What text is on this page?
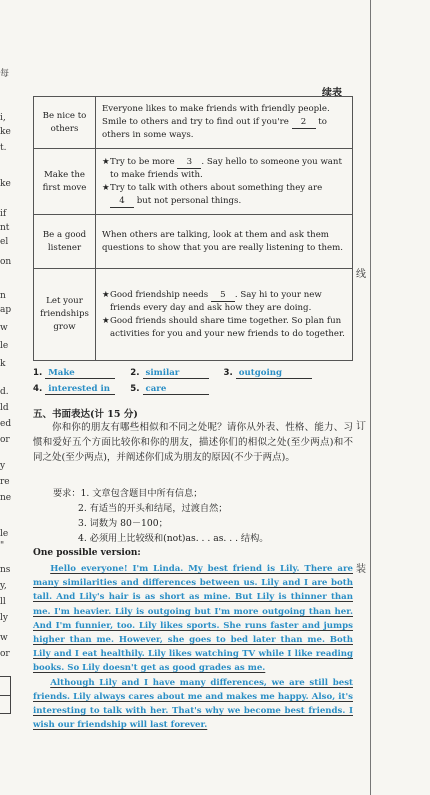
每
i,
ke
t.
ke
if
nt
el
on
n
ap
w
le
k
d.
ld
ed
or
y
re
ne
le
"
ns
y,
ll
ly
w
or
线
订
装
续表
Be nice to others	Everyone likes to make friends with friendly people. Smile to others and try to find out if you're 2 to others in some ways.
Make the first move	★ Try to be more 3 . Say hello to someone you want to make friends with.
★ Try to talk with others about something they are 4 but not personal things.

Be a good listener	When others are talking, look at them and ask them questions to show that you are really listening to them.
Let your friendships grow	★ Good friendship needs 5 . Say hi to your new friends every day and ask how they are doing.
★ Good friends should share time together. So plan fun activities for you and your new friends to do together.
1. Make	2. similar	3. outgoing
4. interested in 5. care
五、书面表达(计 15 分)
你和你的朋友有哪些相似和不同之处呢？请你从外表、性格、能力、习惯和爱好五个方面比较你和你的朋友，描述你们的相似之处(至少两点)和不同之处(至少两点)，并阐述你们成为朋友的原因(不少于两点)。
要求：1. 文章包含题目中所有信息；
2. 有适当的开头和结尾，过渡自然；
3. 词数为 80－100；
4. 必须用上比较级和(not)as. . . as. . . 结构。
One possible version:

Hello everyone! I'm Linda. My best friend is Lily. There are many similarities and differences between us. Lily and I are both tall. And Lily's hair is as short as mine. But Lily is thinner than me. I'm heavier. Lily is outgoing but I'm more outgoing than her. And I'm funnier, too. Lily likes sports. She runs faster and jumps higher than me. However, she goes to bed later than me. Both Lily and I eat healthily. Lily likes watching TV while I like reading books. So Lily doesn't get as good grades as me.

Although Lily and I have many differences, we are still best friends. Lily always cares about me and makes me happy. Also, it's interesting to talk with her. That's why we become best friends. I wish our friendship will last forever.
